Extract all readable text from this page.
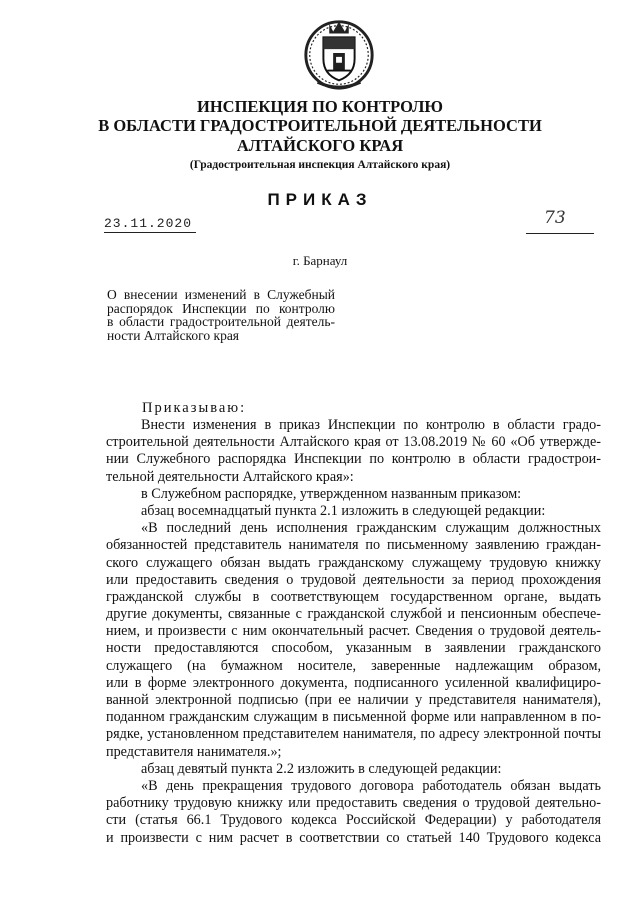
ИНСПЕКЦИЯ ПО КОНТРОЛЮ
В ОБЛАСТИ ГРАДОСТРОИТЕЛЬНОЙ ДЕЯТЕЛЬНОСТИ
АЛТАЙСКОГО КРАЯ
(Градостроительная инспекция Алтайского края)
ПРИКАЗ
23.11.2020	73
г. Барнаул
О внесении изменений в Служебный
распорядок Инспекции по контролю
в области градостроительной деятель-
ности Алтайского края
Приказываю:
Внести изменения в приказ Инспекции по контролю в области градо-
строительной деятельности Алтайского края от 13.08.2019 № 60 «Об утвержде-
нии Служебного распорядка Инспекции по контролю в области градострои-
тельной деятельности Алтайского края»:
в Служебном распорядке, утвержденном названным приказом:
абзац восемнадцатый пункта 2.1 изложить в следующей редакции:
«В последний день исполнения гражданским служащим должностных
обязанностей представитель нанимателя по письменному заявлению граждан-
ского служащего обязан выдать гражданскому служащему трудовую книжку
или предоставить сведения о трудовой деятельности за период прохождения
гражданской службы в соответствующем государственном органе, выдать
другие документы, связанные с гражданской службой и пенсионным обеспече-
нием, и произвести с ним окончательный расчет. Сведения о трудовой деятель-
ности предоставляются способом, указанным в заявлении гражданского
служащего (на бумажном носителе, заверенные надлежащим образом,
или в форме электронного документа, подписанного усиленной квалифициро-
ванной электронной подписью (при ее наличии у представителя нанимателя),
поданном гражданским служащим в письменной форме или направленном в по-
рядке, установленном представителем нанимателя, по адресу электронной почты
представителя нанимателя.»;
абзац девятый пункта 2.2 изложить в следующей редакции:
«В день прекращения трудового договора работодатель обязан выдать
работнику трудовую книжку или предоставить сведения о трудовой деятельно-
сти (статья 66.1 Трудового кодекса Российской Федерации) у работодателя
и произвести с ним расчет в соответствии со статьей 140 Трудового кодекса
